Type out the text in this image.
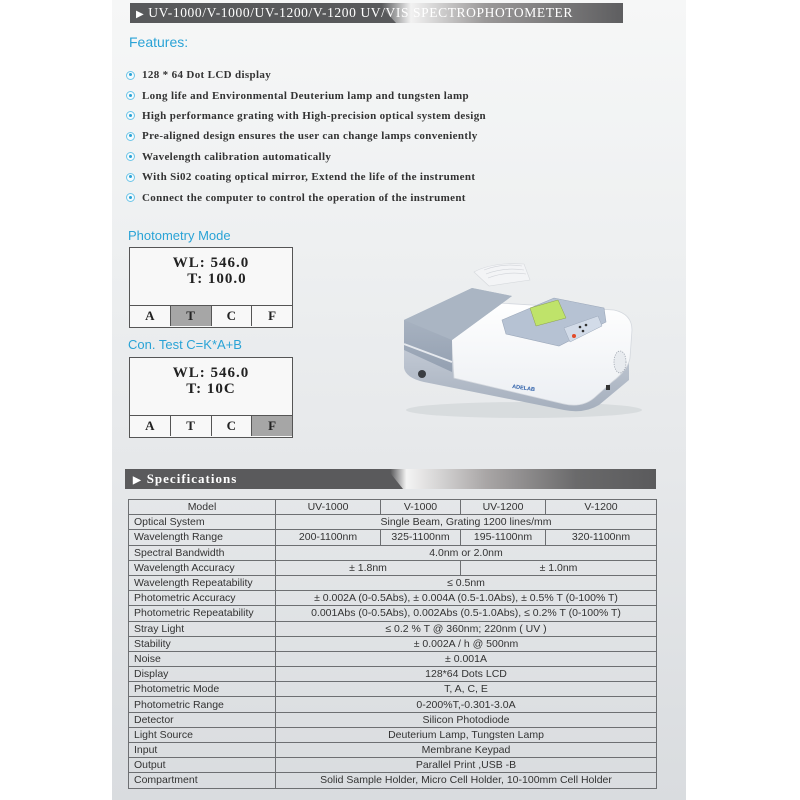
▶ UV-1000/V-1000/UV-1200/V-1200 UV/VIS SPECTROPHOTOMETER
Features:
128 * 64 Dot LCD display
Long life and Environmental Deuterium lamp and tungsten lamp
High performance grating with High-precision optical system design
Pre-aligned design ensures the user can change lamps conveniently
Wavelength calibration automatically
With Si02 coating optical mirror, Extend the life of the instrument
Connect the computer to control the operation of the instrument
Photometry Mode
WL: 546.0
T: 100.0
A	T	C	F
Con. Test C=K*A+B
WL: 546.0
T: 10C
A	T	C	F
ADELAB
▶ Specifications
Model	UV-1000	V-1000	UV-1200	V-1200
Optical System	Single Beam, Grating 1200 lines/mm			
Wavelength Range	200-1100nm	325-1100nm	195-1100nm	320-1100nm
Spectral Bandwidth	4.0nm or 2.0nm			
Wavelength Accuracy	± 1.8nm		± 1.0nm	
Wavelength Repeatability	≤ 0.5nm			
Photometric Accuracy	± 0.002A (0-0.5Abs), ± 0.004A (0.5-1.0Abs), ± 0.5% T (0-100% T)			
Photometric Repeatability	0.001Abs (0-0.5Abs), 0.002Abs (0.5-1.0Abs), ≤ 0.2% T (0-100% T)			
Stray Light	≤ 0.2 % T @ 360nm; 220nm ( UV )			
Stability	± 0.002A / h @ 500nm			
Noise	± 0.001A			
Display	128*64 Dots LCD			
Photometric Mode	T, A, C, E			
Photometric Range	0-200%T,-0.301-3.0A			
Detector	Silicon Photodiode			
Light Source	Deuterium Lamp, Tungsten Lamp			
Input	Membrane Keypad			
Output	Parallel Print ,USB -B			
Compartment	Solid Sample Holder, Micro Cell Holder, 10-100mm Cell Holder			
